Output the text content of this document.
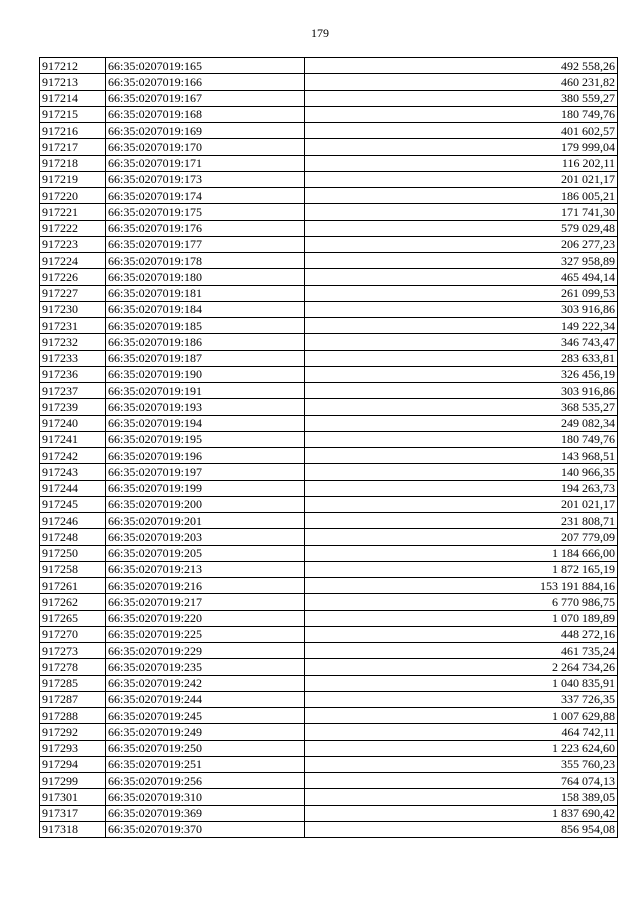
179
917212	66:35:0207019:165	492 558,26
917213	66:35:0207019:166	460 231,82
917214	66:35:0207019:167	380 559,27
917215	66:35:0207019:168	180 749,76
917216	66:35:0207019:169	401 602,57
917217	66:35:0207019:170	179 999,04
917218	66:35:0207019:171	116 202,11
917219	66:35:0207019:173	201 021,17
917220	66:35:0207019:174	186 005,21
917221	66:35:0207019:175	171 741,30
917222	66:35:0207019:176	579 029,48
917223	66:35:0207019:177	206 277,23
917224	66:35:0207019:178	327 958,89
917226	66:35:0207019:180	465 494,14
917227	66:35:0207019:181	261 099,53
917230	66:35:0207019:184	303 916,86
917231	66:35:0207019:185	149 222,34
917232	66:35:0207019:186	346 743,47
917233	66:35:0207019:187	283 633,81
917236	66:35:0207019:190	326 456,19
917237	66:35:0207019:191	303 916,86
917239	66:35:0207019:193	368 535,27
917240	66:35:0207019:194	249 082,34
917241	66:35:0207019:195	180 749,76
917242	66:35:0207019:196	143 968,51
917243	66:35:0207019:197	140 966,35
917244	66:35:0207019:199	194 263,73
917245	66:35:0207019:200	201 021,17
917246	66:35:0207019:201	231 808,71
917248	66:35:0207019:203	207 779,09
917250	66:35:0207019:205	1 184 666,00
917258	66:35:0207019:213	1 872 165,19
917261	66:35:0207019:216	153 191 884,16
917262	66:35:0207019:217	6 770 986,75
917265	66:35:0207019:220	1 070 189,89
917270	66:35:0207019:225	448 272,16
917273	66:35:0207019:229	461 735,24
917278	66:35:0207019:235	2 264 734,26
917285	66:35:0207019:242	1 040 835,91
917287	66:35:0207019:244	337 726,35
917288	66:35:0207019:245	1 007 629,88
917292	66:35:0207019:249	464 742,11
917293	66:35:0207019:250	1 223 624,60
917294	66:35:0207019:251	355 760,23
917299	66:35:0207019:256	764 074,13
917301	66:35:0207019:310	158 389,05
917317	66:35:0207019:369	1 837 690,42
917318	66:35:0207019:370	856 954,08
